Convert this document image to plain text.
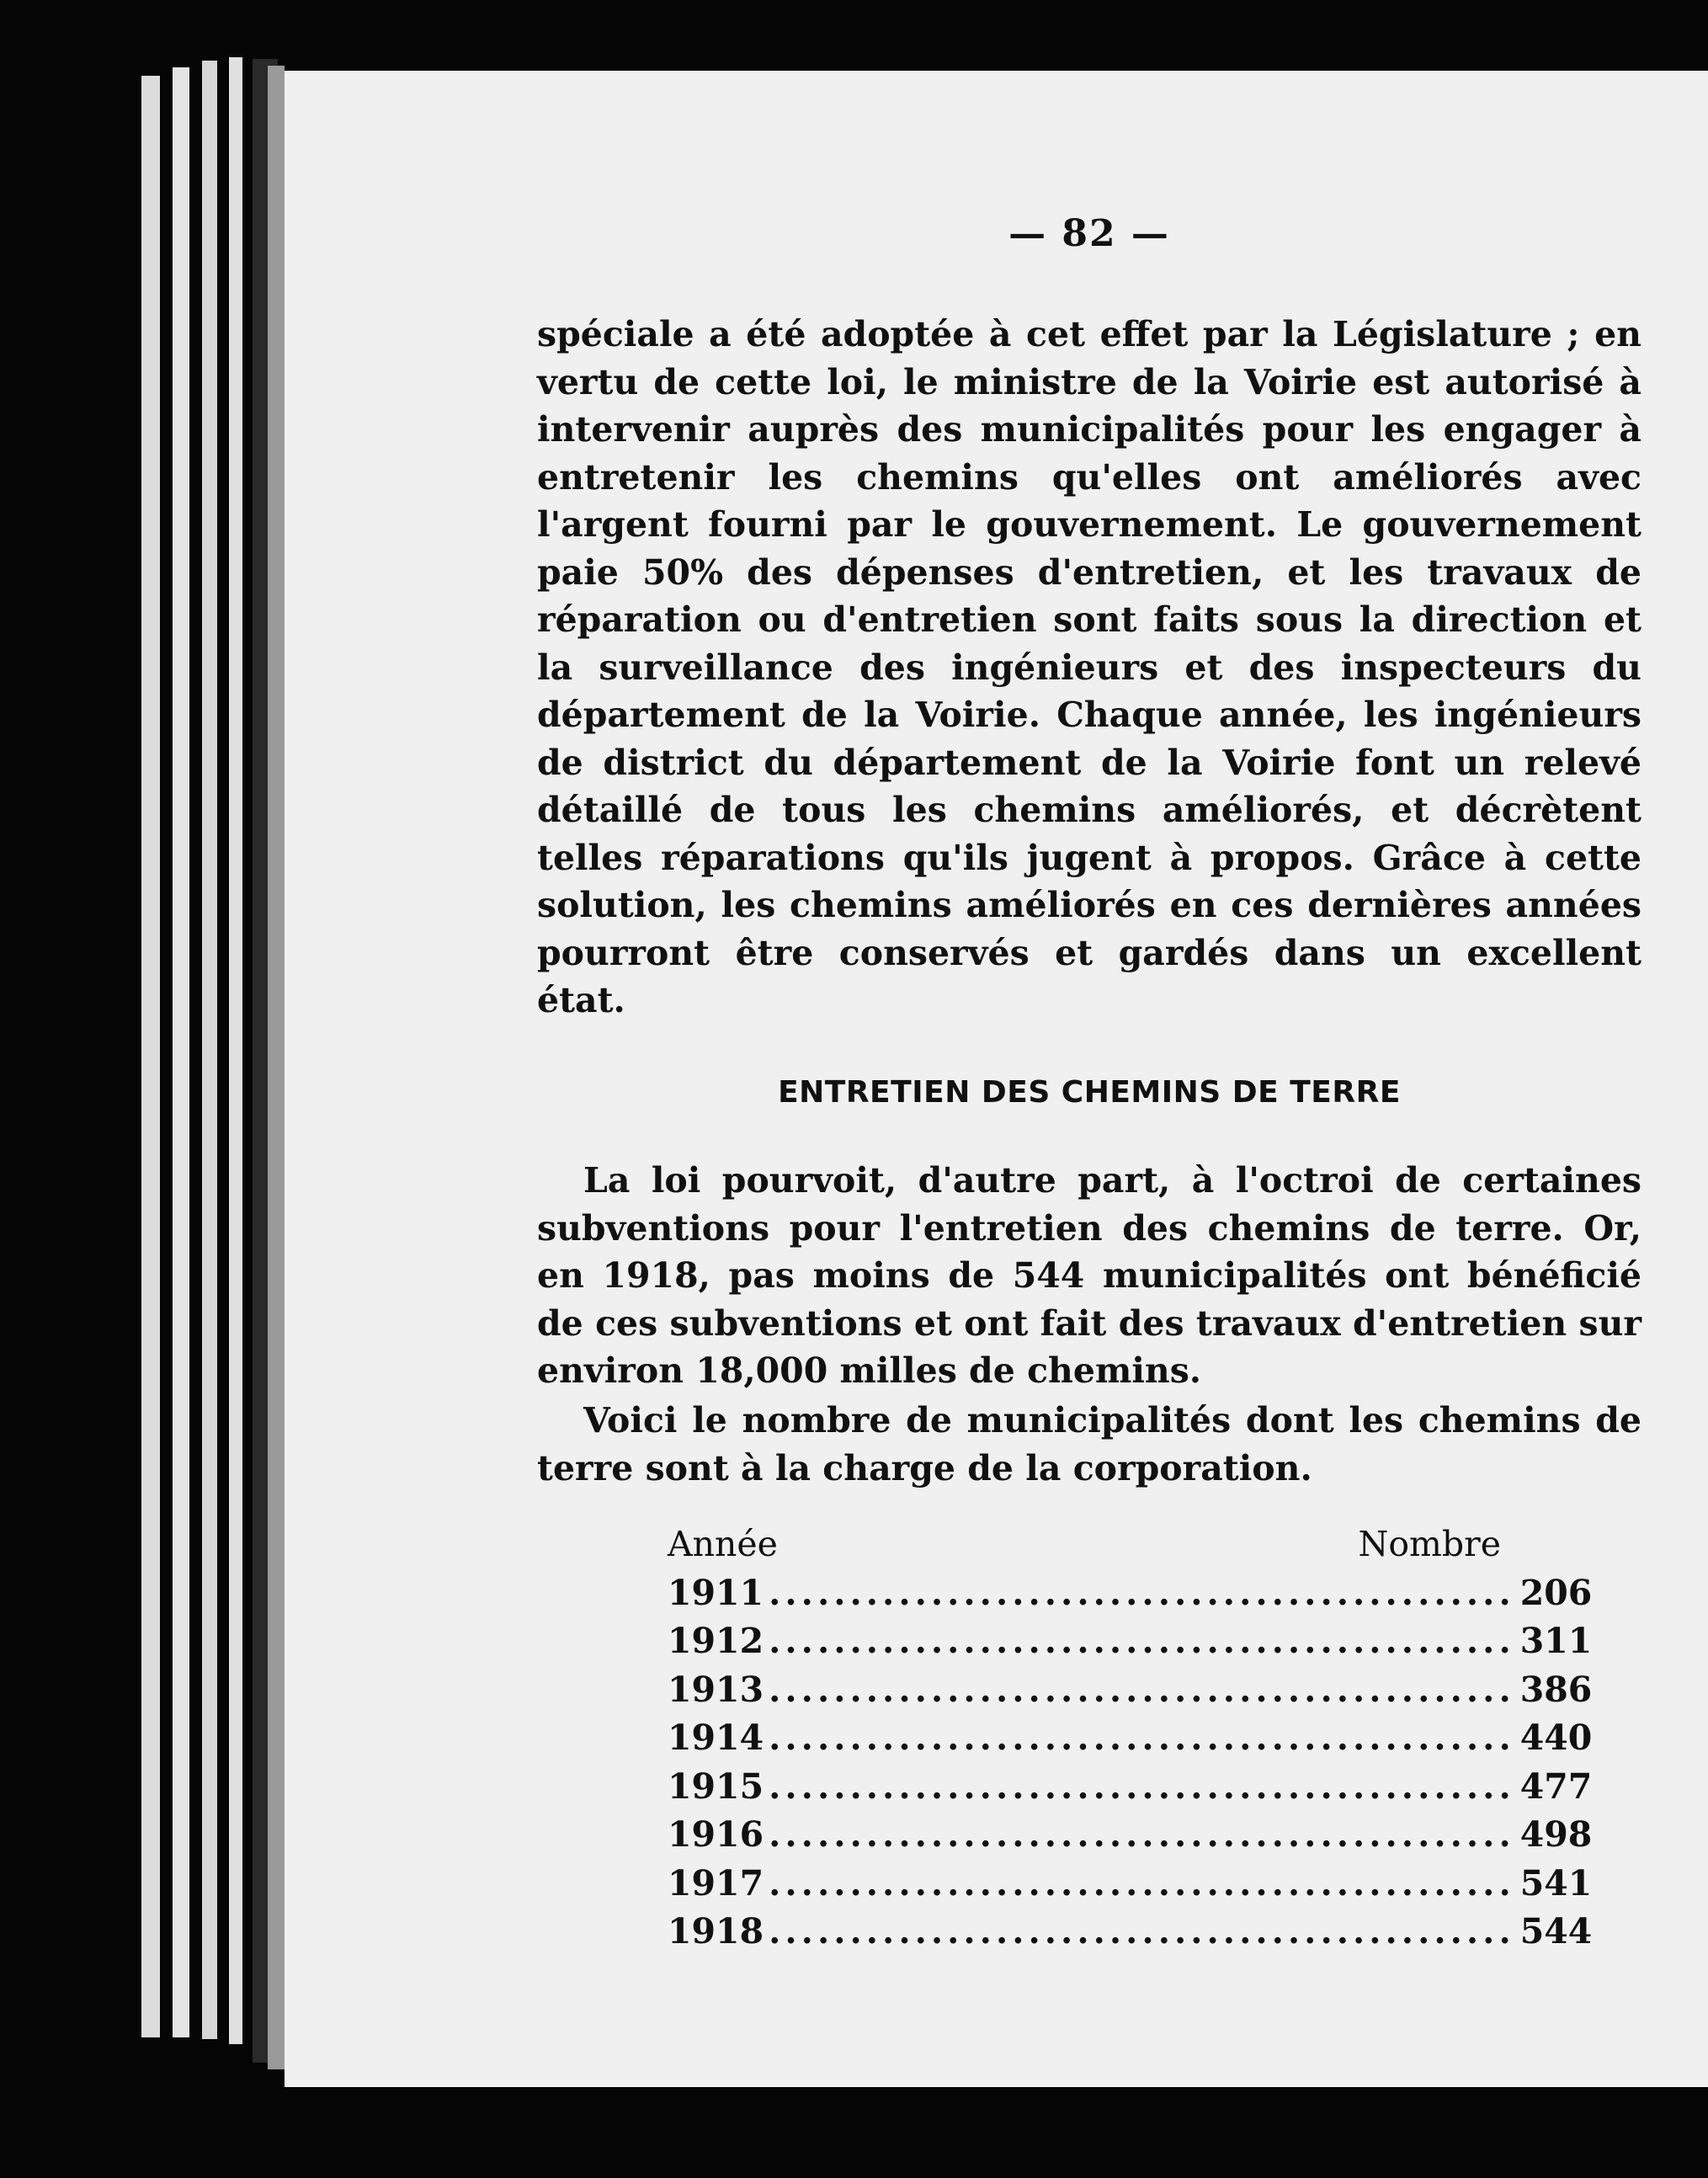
— 82 —

spéciale a été adoptée à cet effet par la Législature ; en vertu de cette loi, le ministre de la Voirie est autorisé à intervenir auprès des municipalités pour les engager à entretenir les chemins qu'elles ont améliorés avec l'argent fourni par le gouvernement. Le gouvernement paie 50% des dépenses d'entretien, et les travaux de réparation ou d'entretien sont faits sous la direction et la surveillance des ingénieurs et des inspecteurs du département de la Voirie. Chaque année, les ingénieurs de district du département de la Voirie font un relevé détaillé de tous les chemins améliorés, et décrètent telles réparations qu'ils jugent à propos. Grâce à cette solution, les chemins améliorés en ces dernières années pourront être conservés et gardés dans un excellent état.

ENTRETIEN DES CHEMINS DE TERRE

La loi pourvoit, d'autre part, à l'octroi de certaines subventions pour l'entretien des chemins de terre. Or, en 1918, pas moins de 544 municipalités ont bénéficié de ces subventions et ont fait des travaux d'entretien sur environ 18,000 milles de chemins.

Voici le nombre de municipalités dont les chemins de terre sont à la charge de la corporation.

Année	Nombre
1911 .............................................. 206
1912 .............................................. 311
1913 .............................................. 386
1914 .............................................. 440
1915 .............................................. 477
1916 .............................................. 498
1917 .............................................. 541
1918 .............................................. 544
